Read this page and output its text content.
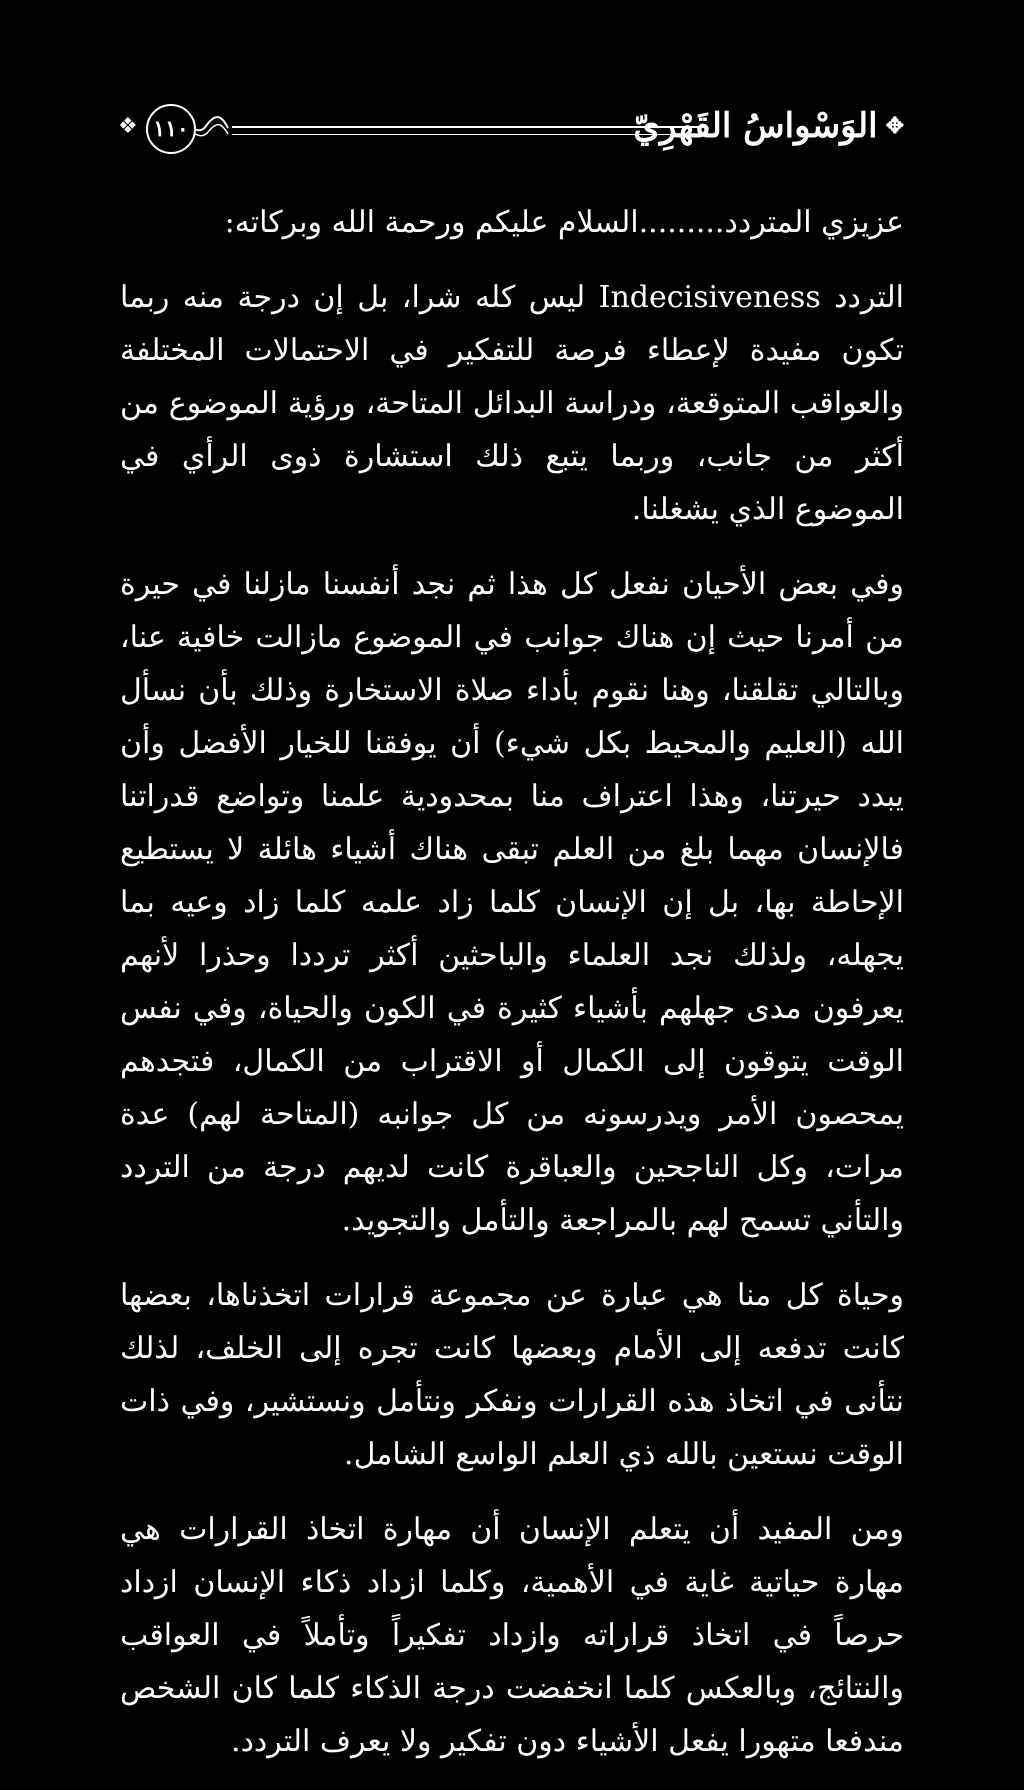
✥
الوَسْواسُ القَهْرِيّ
١١٠
❖

عزيزي المتردد.........السلام عليكم ورحمة الله وبركاته:

التردد Indecisiveness ليس كله شرا، بل إن درجة منه ربما تكون مفيدة لإعطاء فرصة للتفكير في الاحتمالات المختلفة والعواقب المتوقعة، ودراسة البدائل المتاحة، ورؤية الموضوع من أكثر من جانب، وربما يتبع ذلك استشارة ذوى الرأي في الموضوع الذي يشغلنا.

وفي بعض الأحيان نفعل كل هذا ثم نجد أنفسنا مازلنا في حيرة من أمرنا حيث إن هناك جوانب في الموضوع مازالت خافية عنا، وبالتالي تقلقنا، وهنا نقوم بأداء صلاة الاستخارة وذلك بأن نسأل الله (العليم والمحيط بكل شيء) أن يوفقنا للخيار الأفضل وأن يبدد حيرتنا، وهذا اعتراف منا بمحدودية علمنا وتواضع قدراتنا فالإنسان مهما بلغ من العلم تبقى هناك أشياء هائلة لا يستطيع الإحاطة بها، بل إن الإنسان كلما زاد علمه كلما زاد وعيه بما يجهله، ولذلك نجد العلماء والباحثين أكثر ترددا وحذرا لأنهم يعرفون مدى جهلهم بأشياء كثيرة في الكون والحياة، وفي نفس الوقت يتوقون إلى الكمال أو الاقتراب من الكمال، فتجدهم يمحصون الأمر ويدرسونه من كل جوانبه (المتاحة لهم) عدة مرات، وكل الناجحين والعباقرة كانت لديهم درجة من التردد والتأني تسمح لهم بالمراجعة والتأمل والتجويد.

وحياة كل منا هي عبارة عن مجموعة قرارات اتخذناها، بعضها كانت تدفعه إلى الأمام وبعضها كانت تجره إلى الخلف، لذلك نتأنى في اتخاذ هذه القرارات ونفكر ونتأمل ونستشير، وفي ذات الوقت نستعين بالله ذي العلم الواسع الشامل.

ومن المفيد أن يتعلم الإنسان أن مهارة اتخاذ القرارات هي مهارة حياتية غاية في الأهمية، وكلما ازداد ذكاء الإنسان ازداد حرصاً في اتخاذ قراراته وازداد تفكيراً وتأملاً في العواقب والنتائج، وبالعكس كلما انخفضت درجة الذكاء كلما كان الشخص مندفعا متهورا يفعل الأشياء دون تفكير ولا يعرف التردد.
